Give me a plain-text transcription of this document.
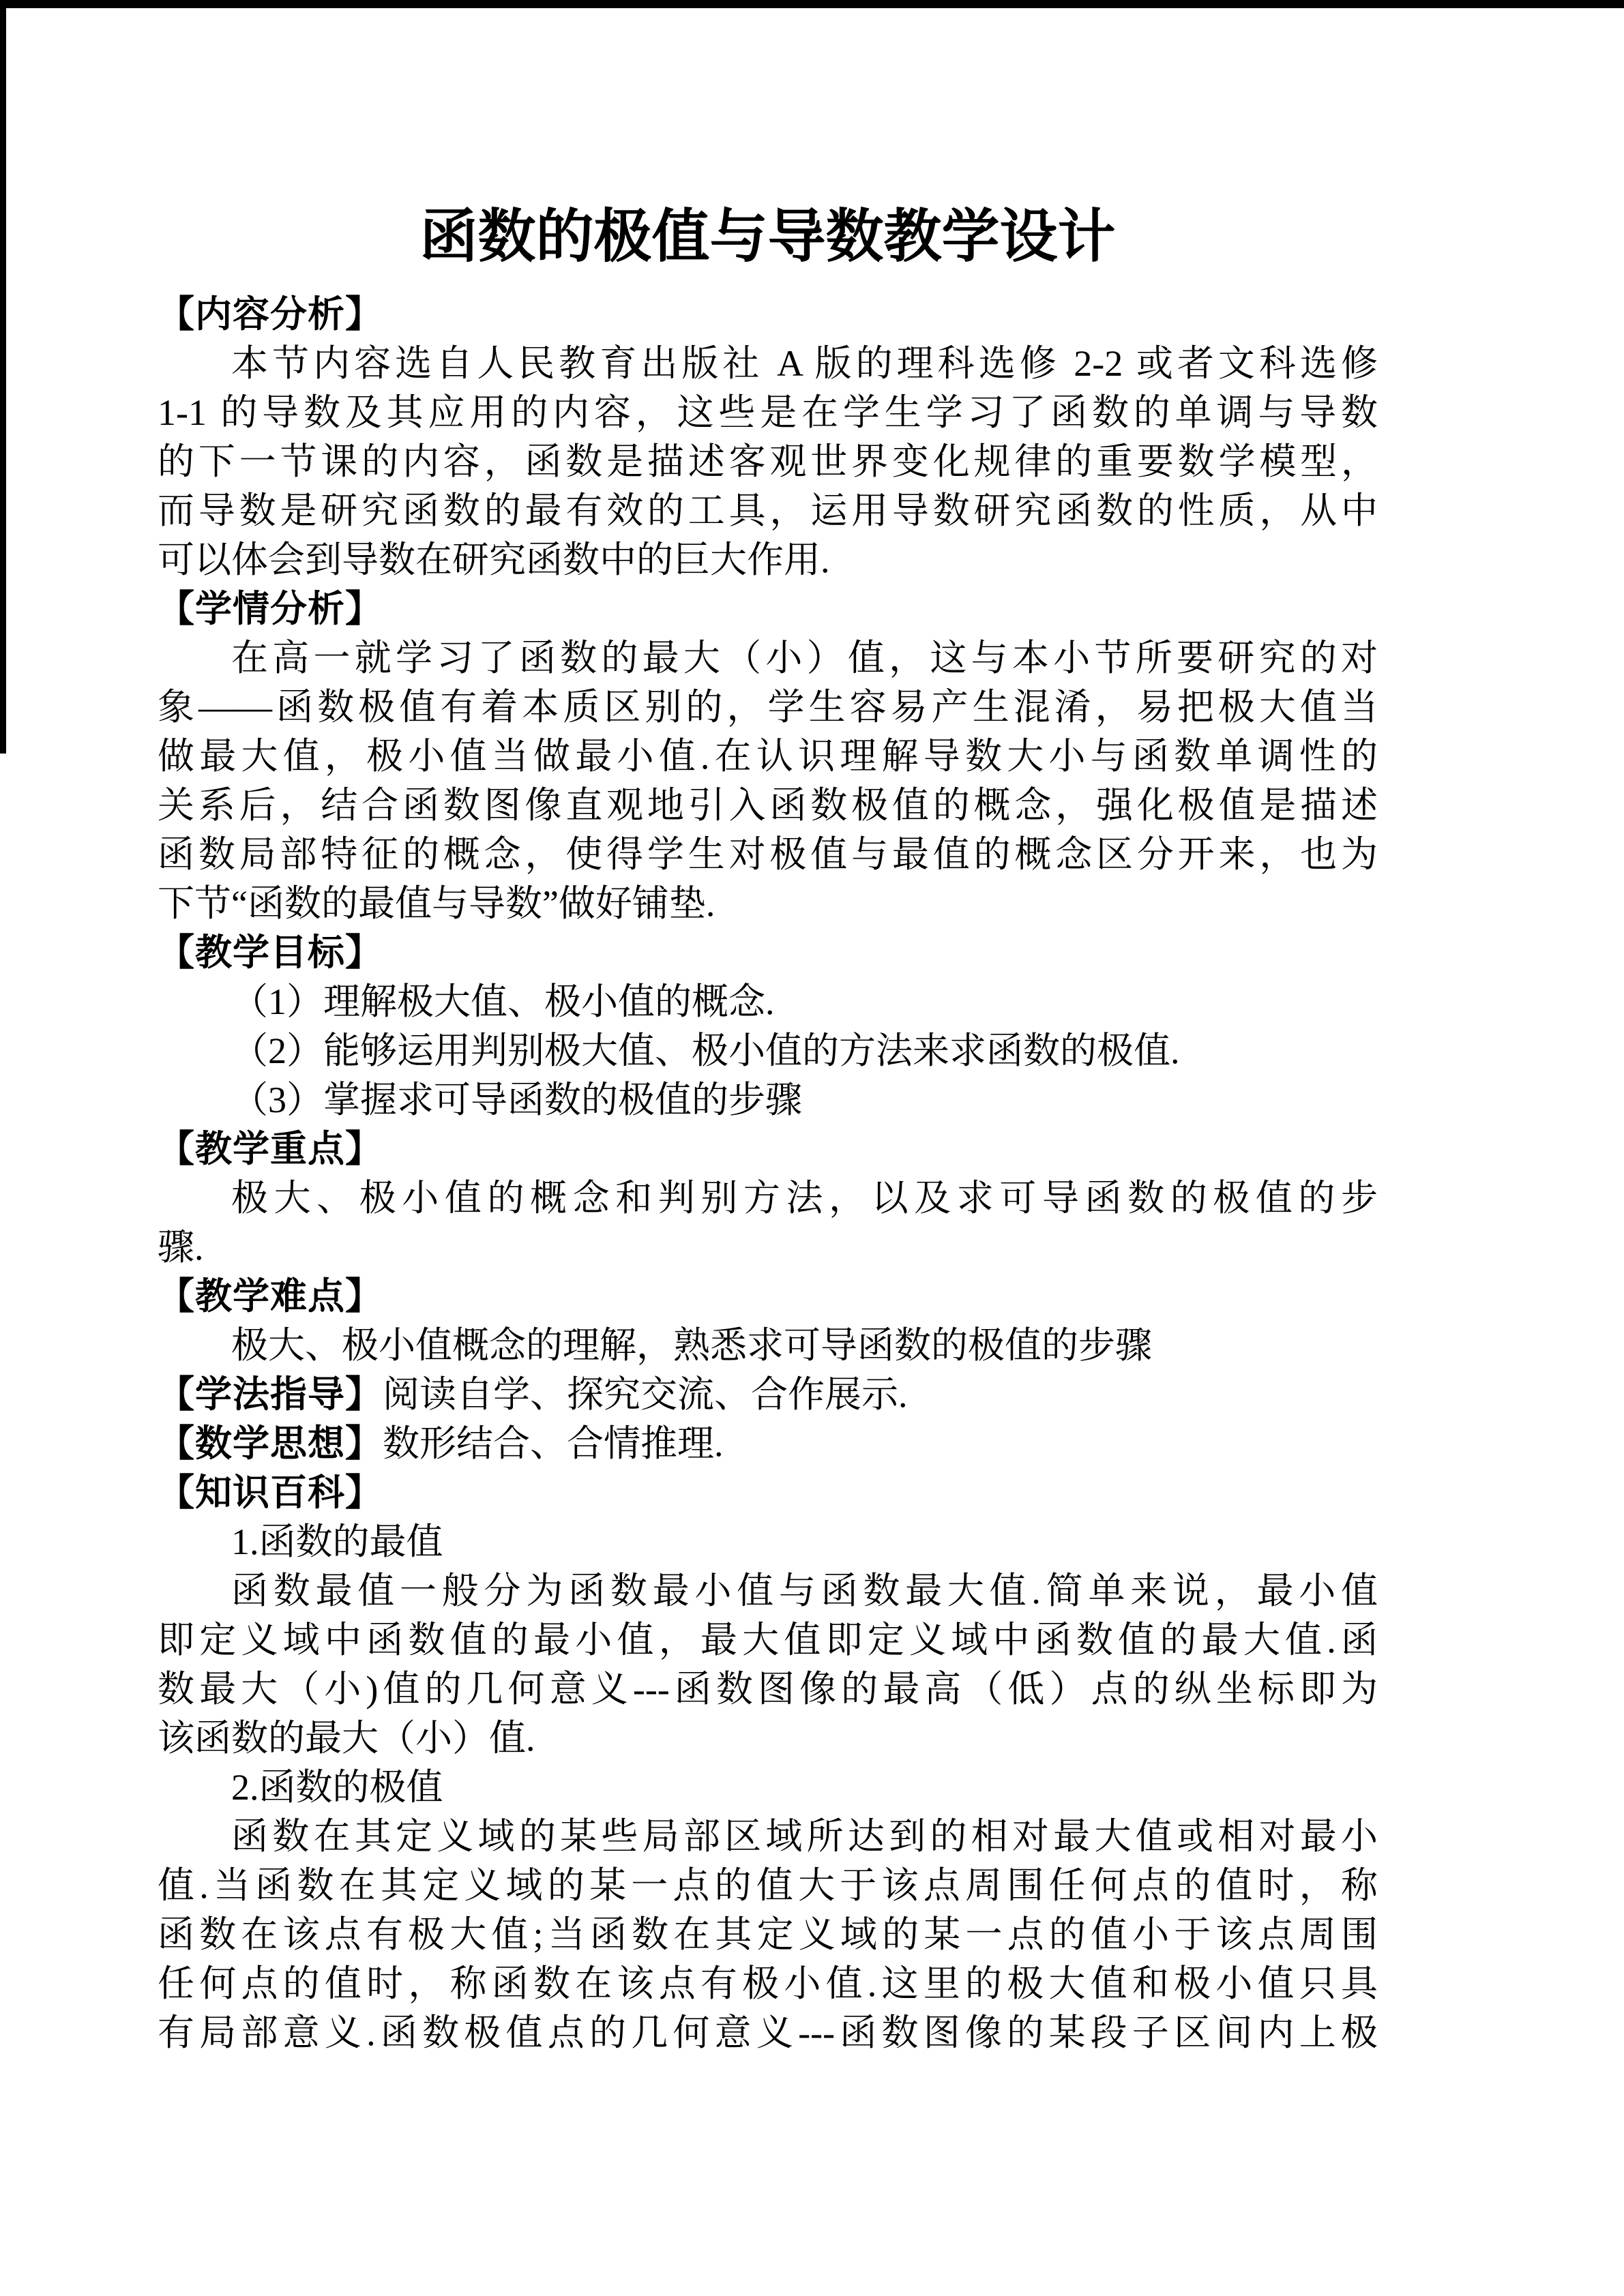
函数的极值与导数教学设计
【内容分析】
本节内容选自人民教育出版社 A 版的理科选修 2-2 或者文科选修
1-1 的导数及其应用的内容，这些是在学生学习了函数的单调与导数
的下一节课的内容，函数是描述客观世界变化规律的重要数学模型，
而导数是研究函数的最有效的工具，运用导数研究函数的性质，从中
可以体会到导数在研究函数中的巨大作用.
【学情分析】
在高一就学习了函数的最大（小）值，这与本小节所要研究的对
象——函数极值有着本质区别的，学生容易产生混淆，易把极大值当
做最大值，极小值当做最小值.在认识理解导数大小与函数单调性的
关系后，结合函数图像直观地引入函数极值的概念，强化极值是描述
函数局部特征的概念，使得学生对极值与最值的概念区分开来，也为
下节“函数的最值与导数”做好铺垫.
【教学目标】
（1）理解极大值、极小值的概念.
（2）能够运用判别极大值、极小值的方法来求函数的极值.
（3）掌握求可导函数的极值的步骤
【教学重点】
极大、极小值的概念和判别方法，以及求可导函数的极值的步
骤.
【教学难点】
极大、极小值概念的理解，熟悉求可导函数的极值的步骤
【学法指导】阅读自学、探究交流、合作展示.
【数学思想】数形结合、合情推理.
【知识百科】
1.函数的最值
函数最值一般分为函数最小值与函数最大值.简单来说，最小值
即定义域中函数值的最小值，最大值即定义域中函数值的最大值.函
数最大（小)值的几何意义---函数图像的最高（低）点的纵坐标即为
该函数的最大（小）值.
2.函数的极值
函数在其定义域的某些局部区域所达到的相对最大值或相对最小
值.当函数在其定义域的某一点的值大于该点周围任何点的值时，称
函数在该点有极大值;当函数在其定义域的某一点的值小于该点周围
任何点的值时，称函数在该点有极小值.这里的极大值和极小值只具
有局部意义.函数极值点的几何意义---函数图像的某段子区间内上极
